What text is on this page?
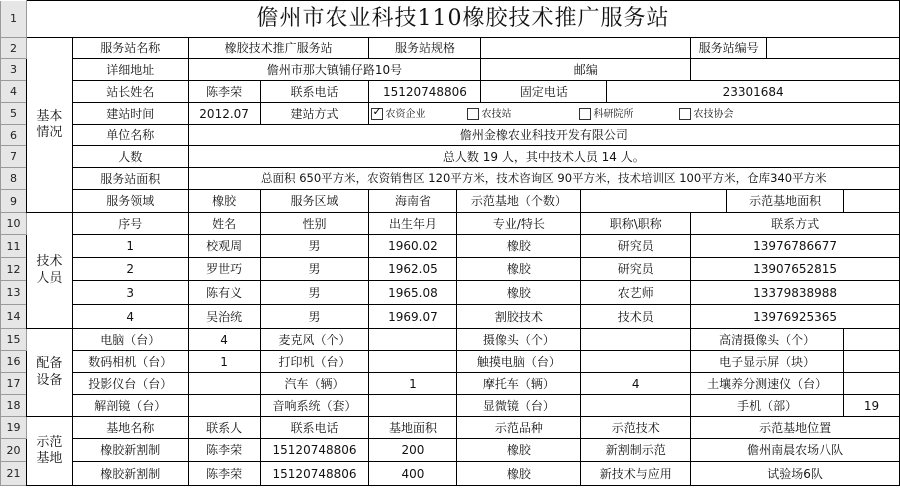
1	儋州市农业科技110橡胶技术推广服务站												
2	基本
情况	服务站名称	橡胶技术推广服务站		服务站规格					服务站编号			
3		详细地址	儋州市那大镇铺仔路10号				邮编						
4		站长姓名	陈李荣	联系电话	15120748806		固定电话		23301684				
5		建站时间	2012.07	建站方式	✓农资企业 农技站 科研院所 农技协会
6		单位名称	儋州金橡农业科技开发有限公司										
7		人数	总人数 19 人，其中技术人员 14 人。										
8		服务站面积	总面积 650平方米，农资销售区 120平方米，技术咨询区 90平方米，技术培训区 100平方米，仓库340平方米										
9		服务领域	橡胶	服务区域	海南省	示范基地（个数）					示范基地面积		
10	技术
人员	序号	姓名	性别	出生年月	专业/特长		职称\职称		联系方式			
11		1	校观周	男	1960.02	橡胶		研究员		13976786677			
12		2	罗世巧	男	1962.05	橡胶		研究员		13907652815			
13		3	陈有义	男	1965.08	橡胶		农艺师		13379838988			
14		4	吴治统	男	1969.07	割胶技术		技术员		13976925365			
15	配备
设备	电脑（台）	4	麦克风（个）		摄像头（个）				高清摄像头（个）			
16		数码相机（台）	1	打印机（台）		触摸电脑（台）				电子显示屏（块）			
17		投影仪台（台）		汽车（辆）	1	摩托车（辆）		4		土壤养分测速仪（台）			
18		解剖镜（台）		音响系统（套）		显微镜（台）				手机（部）			19
19	示范
基地	基地名称	联系人	联系电话	基地面积	示范品种		示范技术		示范基地位置			
20		橡胶新割制	陈李荣	15120748806	200	橡胶		新割制示范		儋州南晨农场八队			
21		橡胶新割制	陈李荣	15120748806	400	橡胶		新技术与应用		试验场6队			
